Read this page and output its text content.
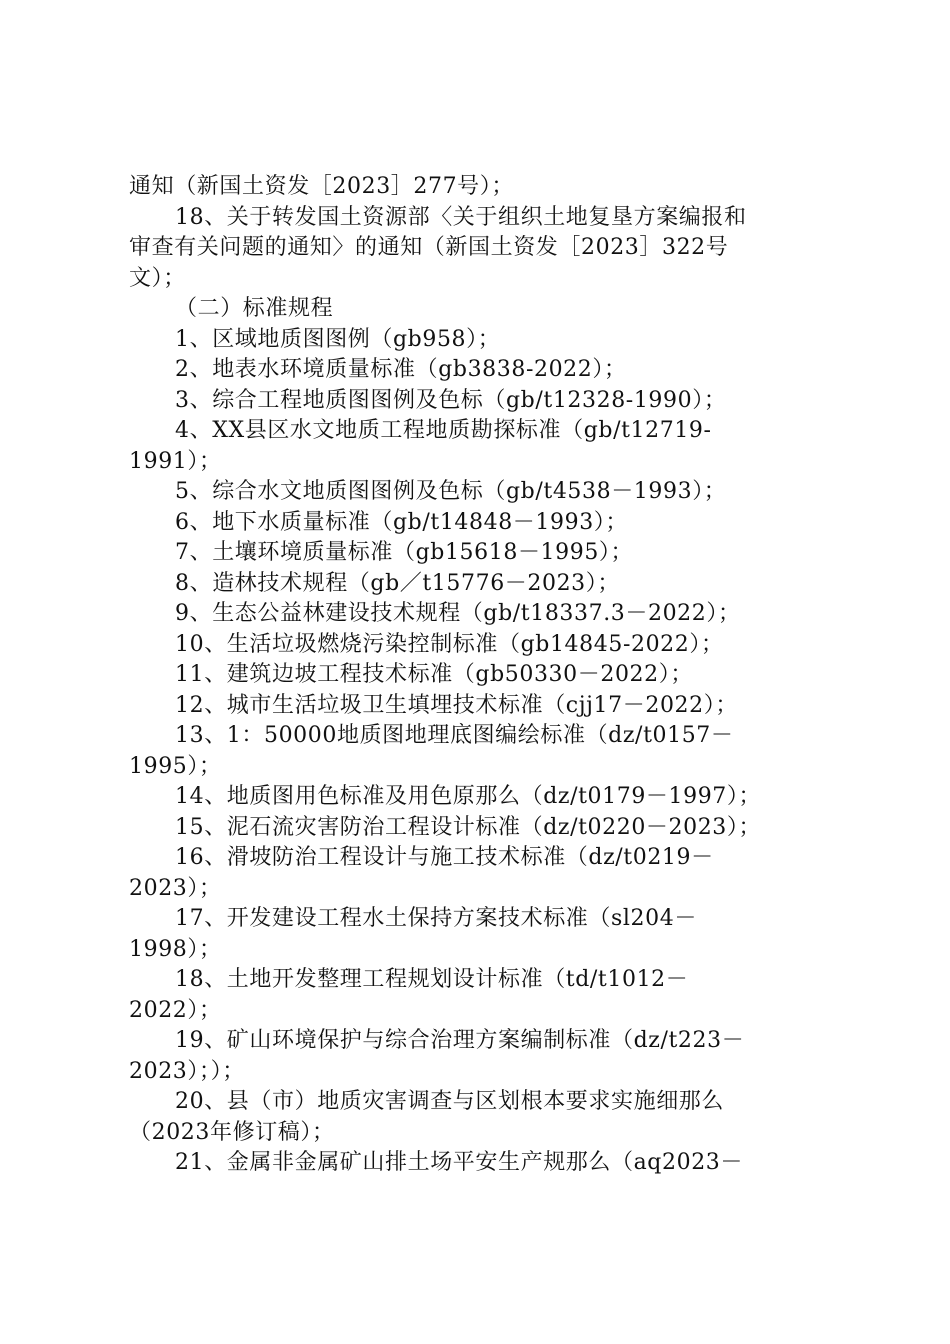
通知（新国土资发［2023］277号）；
18、关于转发国土资源部〈关于组织土地复垦方案编报和
审查有关问题的通知〉的通知（新国土资发［2023］322号
文）；
（二）标准规程
1、区域地质图图例（gb958）；
2、地表水环境质量标准（gb3838-2022）；
3、综合工程地质图图例及色标（gb/t12328-1990）；
4、XX县区水文地质工程地质勘探标准（gb/t12719-
1991）；
5、综合水文地质图图例及色标（gb/t4538－1993）；
6、地下水质量标准（gb/t14848－1993）；
7、土壤环境质量标准（gb15618－1995）；
8、造林技术规程（gb／t15776－2023）；
9、生态公益林建设技术规程（gb/t18337.3－2022）；
10、生活垃圾燃烧污染控制标准（gb14845-2022）；
11、建筑边坡工程技术标准（gb50330－2022）；
12、城市生活垃圾卫生填埋技术标准（cjj17－2022）；
13、1：50000地质图地理底图编绘标准（dz/t0157－
1995）；
14、地质图用色标准及用色原那么（dz/t0179－1997）；
15、泥石流灾害防治工程设计标准（dz/t0220－2023）；
16、滑坡防治工程设计与施工技术标准（dz/t0219－
2023）；
17、开发建设工程水土保持方案技术标准（sl204－
1998）；
18、土地开发整理工程规划设计标准（td/t1012－
2022）；
19、矿山环境保护与综合治理方案编制标准（dz/t223－
2023）；）；
20、县（市）地质灾害调查与区划根本要求实施细那么
（2023年修订稿）；
21、金属非金属矿山排土场平安生产规那么（aq2023－
